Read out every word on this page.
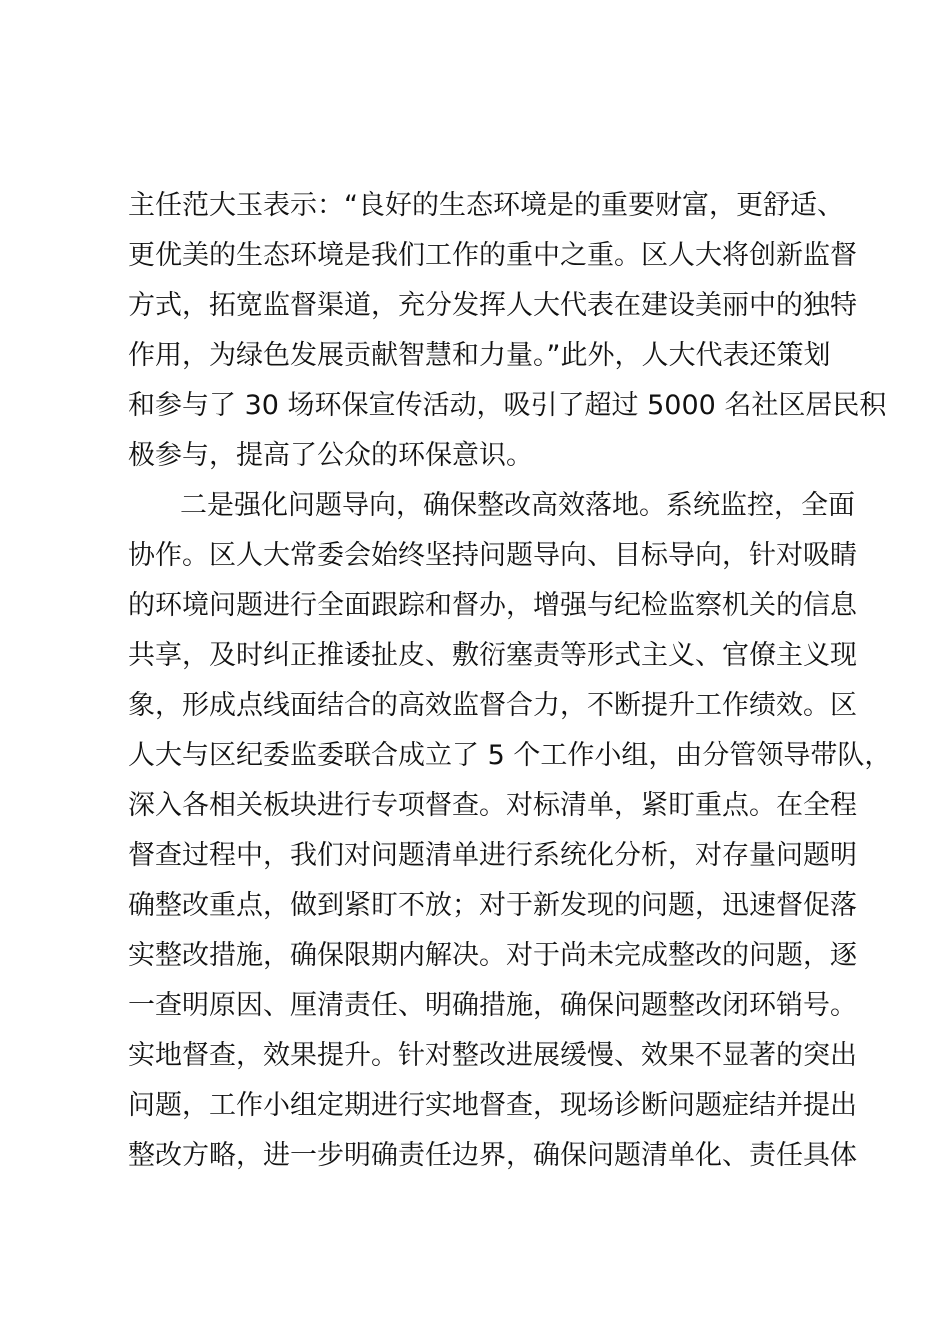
主任范大玉表示：“良好的生态环境是的重要财富，更舒适、
更优美的生态环境是我们工作的重中之重。区人大将创新监督
方式，拓宽监督渠道，充分发挥人大代表在建设美丽中的独特
作用，为绿色发展贡献智慧和力量。”此外，人大代表还策划
和参与了 30 场环保宣传活动，吸引了超过 5000 名社区居民积
极参与，提高了公众的环保意识。
二是强化问题导向，确保整改高效落地。系统监控，全面
协作。区人大常委会始终坚持问题导向、目标导向，针对吸睛
的环境问题进行全面跟踪和督办，增强与纪检监察机关的信息
共享，及时纠正推诿扯皮、敷衍塞责等形式主义、官僚主义现
象，形成点线面结合的高效监督合力，不断提升工作绩效。区
人大与区纪委监委联合成立了 5 个工作小组，由分管领导带队，
深入各相关板块进行专项督查。对标清单，紧盯重点。在全程
督查过程中，我们对问题清单进行系统化分析，对存量问题明
确整改重点，做到紧盯不放；对于新发现的问题，迅速督促落
实整改措施，确保限期内解决。对于尚未完成整改的问题，逐
一查明原因、厘清责任、明确措施，确保问题整改闭环销号。
实地督查，效果提升。针对整改进展缓慢、效果不显著的突出
问题，工作小组定期进行实地督查，现场诊断问题症结并提出
整改方略，进一步明确责任边界，确保问题清单化、责任具体
